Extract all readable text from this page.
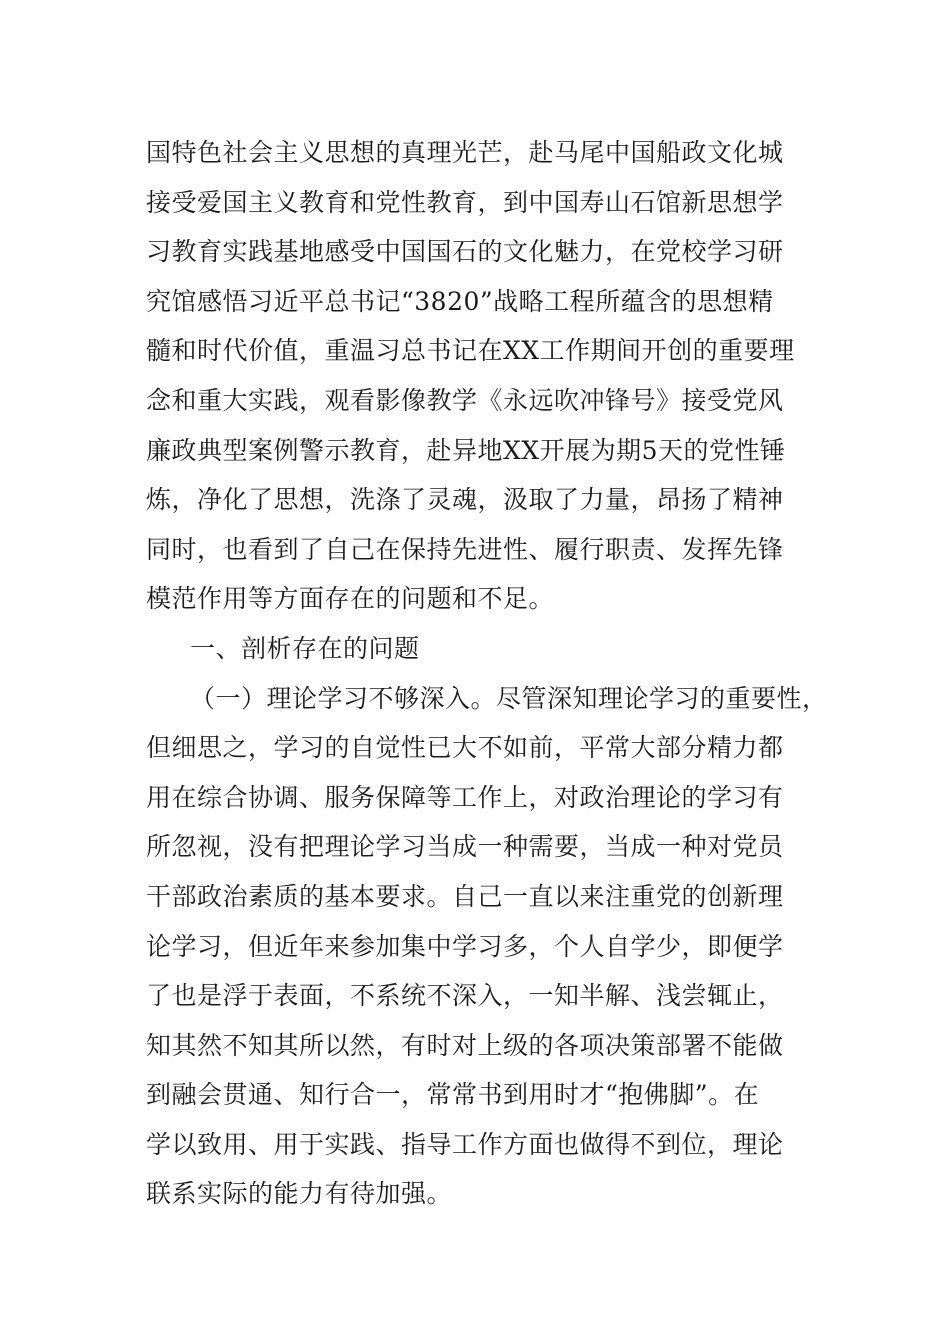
国特色社会主义思想的真理光芒，赴马尾中国船政文化城
接受爱国主义教育和党性教育，到中国寿山石馆新思想学
习教育实践基地感受中国国石的文化魅力，在党校学习研
究馆感悟习近平总书记“3820”战略工程所蕴含的思想精
髓和时代价值，重温习总书记在XX工作期间开创的重要理
念和重大实践，观看影像教学《永远吹冲锋号》接受党风
廉政典型案例警示教育，赴异地XX开展为期5天的党性锤
炼，净化了思想，洗涤了灵魂，汲取了力量，昂扬了精神
同时，也看到了自己在保持先进性、履行职责、发挥先锋
模范作用等方面存在的问题和不足。
一、剖析存在的问题
（一）理论学习不够深入。尽管深知理论学习的重要性，
但细思之，学习的自觉性已大不如前，平常大部分精力都
用在综合协调、服务保障等工作上，对政治理论的学习有
所忽视，没有把理论学习当成一种需要，当成一种对党员
干部政治素质的基本要求。自己一直以来注重党的创新理
论学习，但近年来参加集中学习多，个人自学少，即便学
了也是浮于表面，不系统不深入，一知半解、浅尝辄止，
知其然不知其所以然，有时对上级的各项决策部署不能做
到融会贯通、知行合一，常常书到用时才“抱佛脚”。在
学以致用、用于实践、指导工作方面也做得不到位，理论
联系实际的能力有待加强。
